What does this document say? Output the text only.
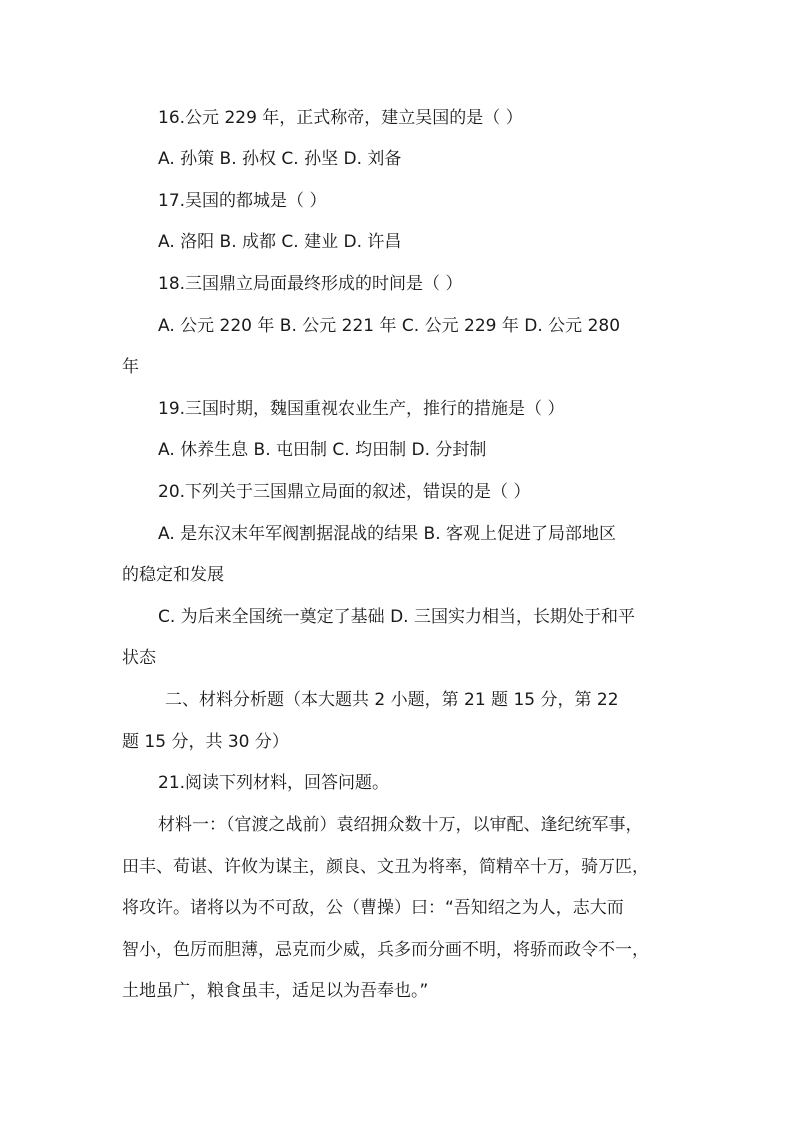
16.公元 229 年，正式称帝，建立吴国的是（ ）
A. 孙策 B. 孙权 C. 孙坚 D. 刘备
17.吴国的都城是（ ）
A. 洛阳 B. 成都 C. 建业 D. 许昌
18.三国鼎立局面最终形成的时间是（ ）
A. 公元 220 年 B. 公元 221 年 C. 公元 229 年 D. 公元 280
年
19.三国时期，魏国重视农业生产，推行的措施是（ ）
A. 休养生息 B. 屯田制 C. 均田制 D. 分封制
20.下列关于三国鼎立局面的叙述，错误的是（ ）
A. 是东汉末年军阀割据混战的结果 B. 客观上促进了局部地区
的稳定和发展
C. 为后来全国统一奠定了基础 D. 三国实力相当，长期处于和平
状态
二、材料分析题（本大题共 2 小题，第 21 题 15 分，第 22
题 15 分，共 30 分）
21.阅读下列材料，回答问题。
材料一：（官渡之战前）袁绍拥众数十万，以审配、逢纪统军事，
田丰、荀谌、许攸为谋主，颜良、文丑为将率，简精卒十万，骑万匹，
将攻许。诸将以为不可敌，公（曹操）曰：“吾知绍之为人，志大而
智小，色厉而胆薄，忌克而少威，兵多而分画不明，将骄而政令不一，
土地虽广，粮食虽丰，适足以为吾奉也。”
